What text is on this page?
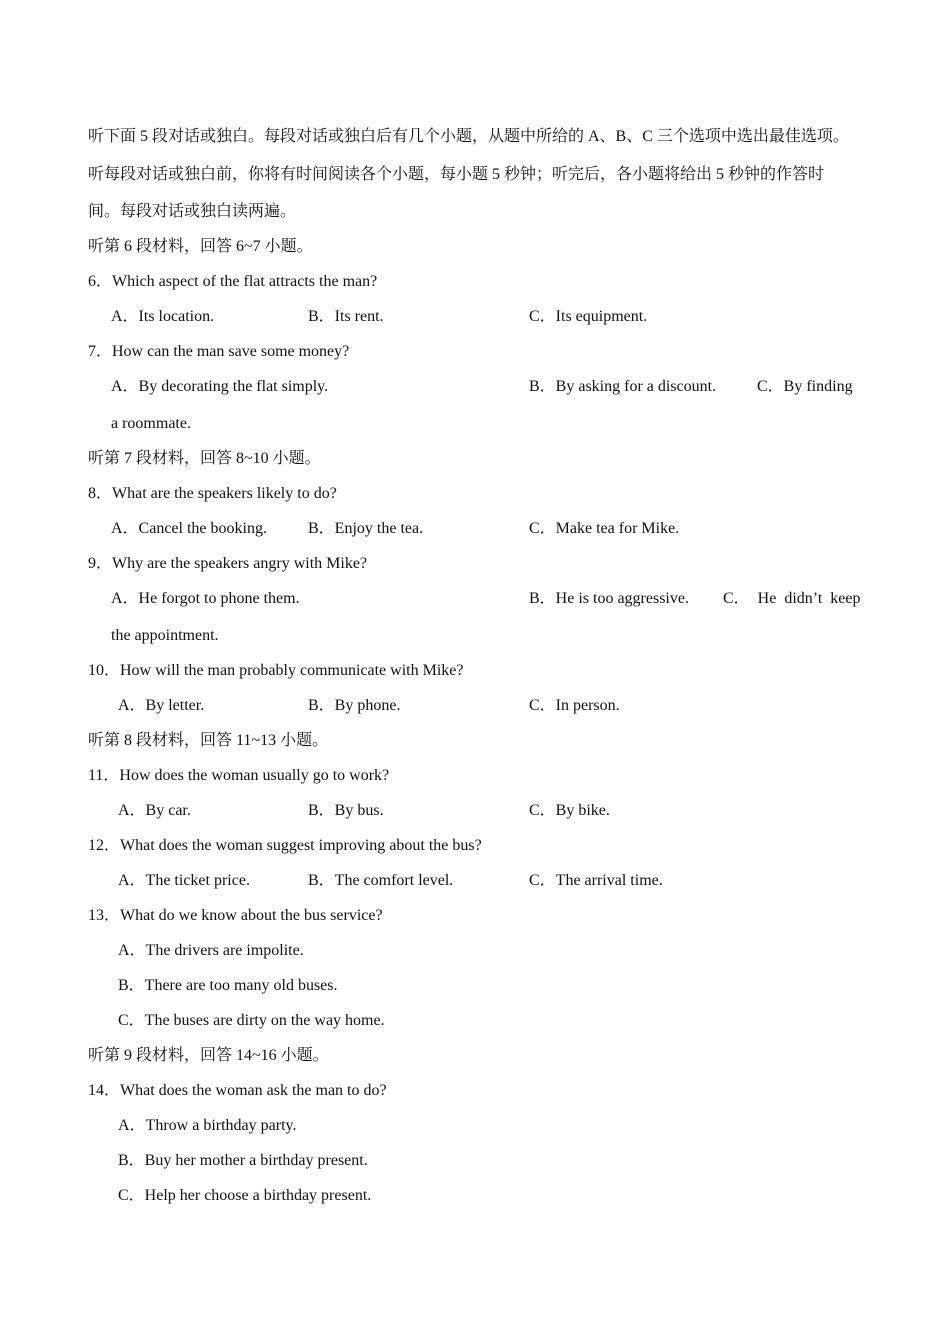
听下面 5 段对话或独白。每段对话或独白后有几个小题，从题中所给的 A、B、C 三个选项中选出最佳选项。
听每段对话或独白前，你将有时间阅读各个小题，每小题 5 秒钟；听完后，各小题将给出 5 秒钟的作答时
间。每段对话或独白读两遍。
听第 6 段材料，回答 6~7 小题。
6．Which aspect of the flat attracts the man?
A．Its location.	B．Its rent.	C．Its equipment.
7．How can the man save some money?
A．By decorating the flat simply.	B．By asking for a discount.	C．By finding
a roommate.
听第 7 段材料，回答 8~10 小题。
8．What are the speakers likely to do?
A．Cancel the booking.	B．Enjoy the tea.	C．Make tea for Mike.
9．Why are the speakers angry with Mike?
A．He forgot to phone them.	B．He is too aggressive. C． He didn’t keep
the appointment.
10．How will the man probably communicate with Mike?
A．By letter.	B．By phone.	C．In person.
听第 8 段材料，回答 11~13 小题。
11．How does the woman usually go to work?
A．By car.	B．By bus.	C．By bike.
12．What does the woman suggest improving about the bus?
A．The ticket price.	B．The comfort level.	C．The arrival time.
13．What do we know about the bus service?
A．The drivers are impolite.
B．There are too many old buses.
C．The buses are dirty on the way home.
听第 9 段材料，回答 14~16 小题。
14．What does the woman ask the man to do?
A．Throw a birthday party.
B．Buy her mother a birthday present.
C．Help her choose a birthday present.
